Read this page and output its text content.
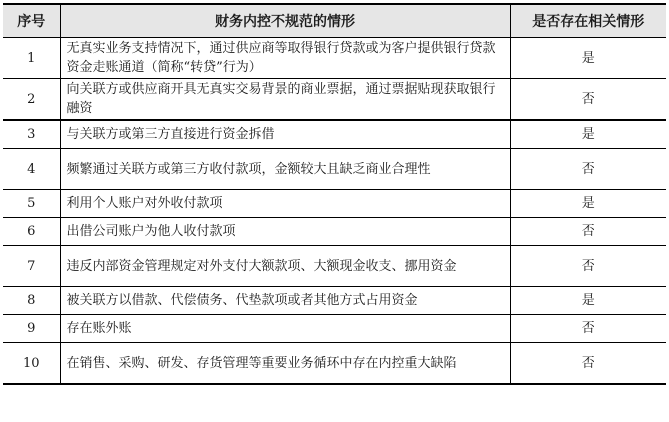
序号	财务内控不规范的情形	是否存在相关情形
1	无真实业务支持情况下，通过供应商等取得银行贷款或为客户提供银行贷款资金走账通道（简称“转贷”行为）	是
2	向关联方或供应商开具无真实交易背景的商业票据，通过票据贴现获取银行融资	否
3	与关联方或第三方直接进行资金拆借	是
4	频繁通过关联方或第三方收付款项，金额较大且缺乏商业合理性	否
5	利用个人账户对外收付款项	是
6	出借公司账户为他人收付款项	否
7	违反内部资金管理规定对外支付大额款项、大额现金收支、挪用资金	否
8	被关联方以借款、代偿债务、代垫款项或者其他方式占用资金	是
9	存在账外账	否
10	在销售、采购、研发、存货管理等重要业务循环中存在内控重大缺陷	否
